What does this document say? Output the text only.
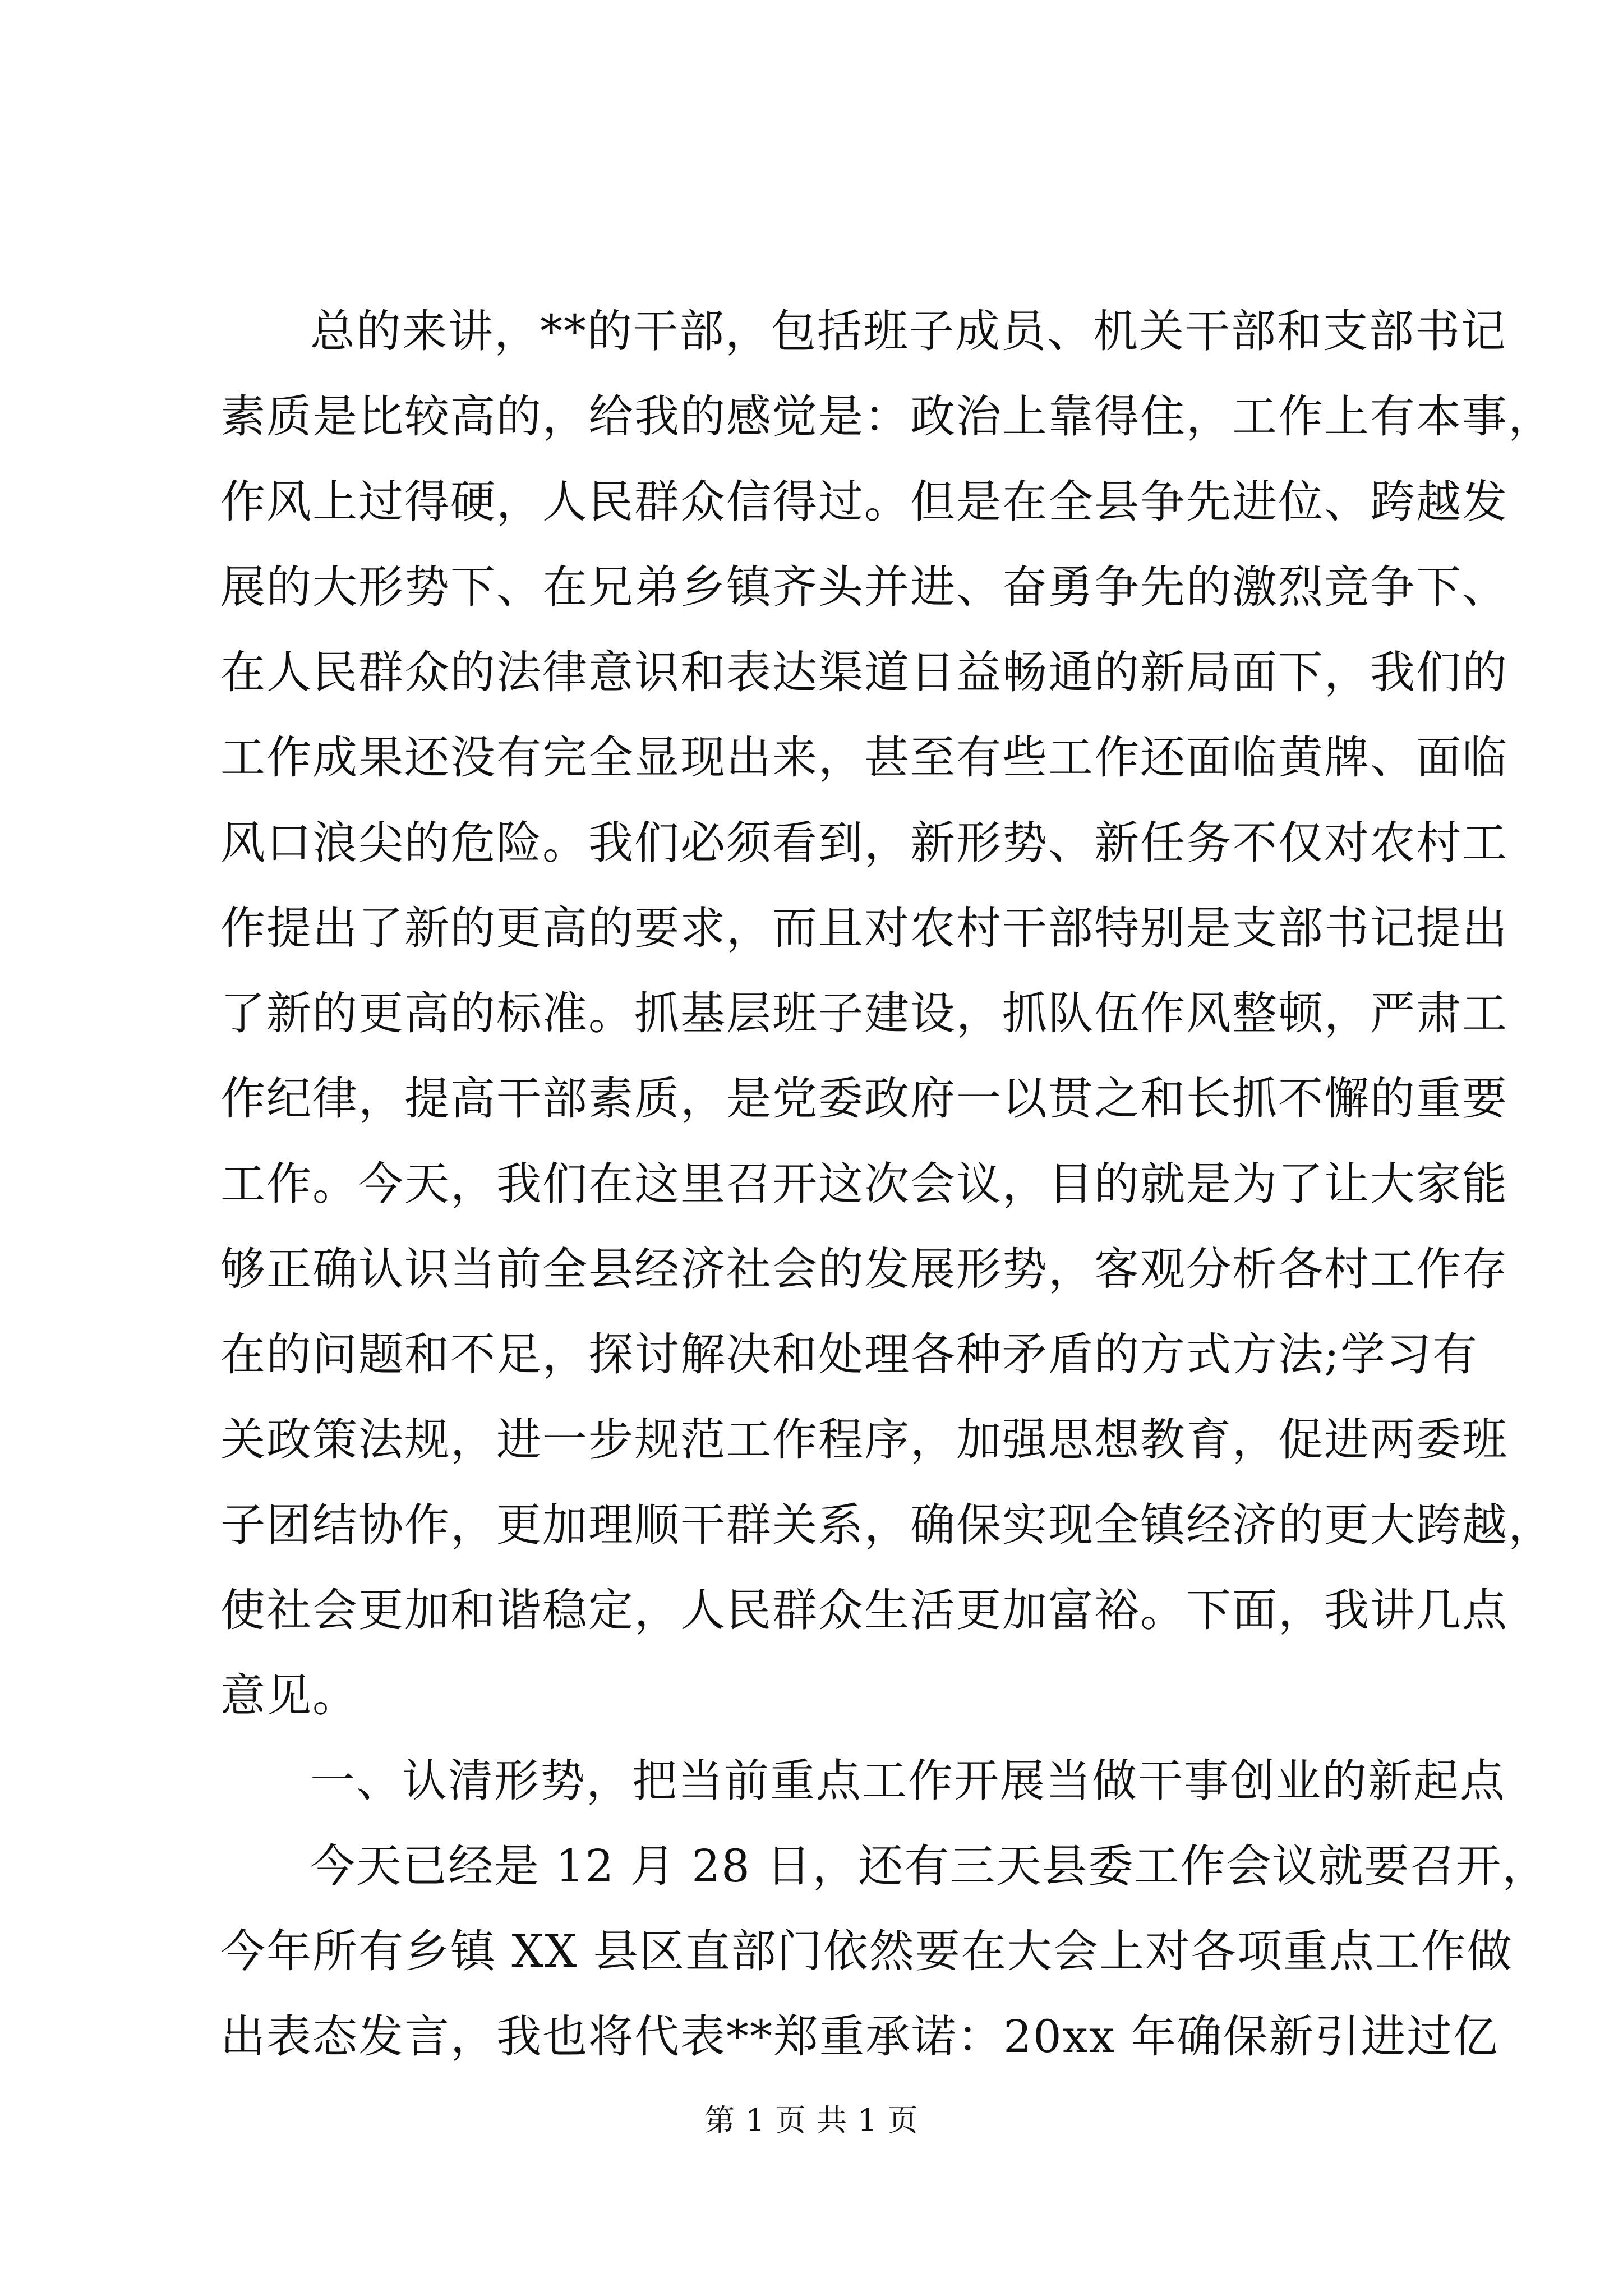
总的来讲，**的干部，包括班子成员、机关干部和支部书记
素质是比较高的，给我的感觉是：政治上靠得住，工作上有本事，
作风上过得硬，人民群众信得过。但是在全县争先进位、跨越发
展的大形势下、在兄弟乡镇齐头并进、奋勇争先的激烈竞争下、
在人民群众的法律意识和表达渠道日益畅通的新局面下，我们的
工作成果还没有完全显现出来，甚至有些工作还面临黄牌、面临
风口浪尖的危险。我们必须看到，新形势、新任务不仅对农村工
作提出了新的更高的要求，而且对农村干部特别是支部书记提出
了新的更高的标准。抓基层班子建设，抓队伍作风整顿，严肃工
作纪律，提高干部素质，是党委政府一以贯之和长抓不懈的重要
工作。今天，我们在这里召开这次会议，目的就是为了让大家能
够正确认识当前全县经济社会的发展形势，客观分析各村工作存
在的问题和不足，探讨解决和处理各种矛盾的方式方法;学习有
关政策法规，进一步规范工作程序，加强思想教育，促进两委班
子团结协作，更加理顺干群关系，确保实现全镇经济的更大跨越，
使社会更加和谐稳定，人民群众生活更加富裕。下面，我讲几点
意见。
一、认清形势，把当前重点工作开展当做干事创业的新起点
今天已经是 12 月 28 日，还有三天县委工作会议就要召开，
今年所有乡镇 XX 县区直部门依然要在大会上对各项重点工作做
出表态发言，我也将代表**郑重承诺：20xx 年确保新引进过亿
第 1 页 共 1 页
